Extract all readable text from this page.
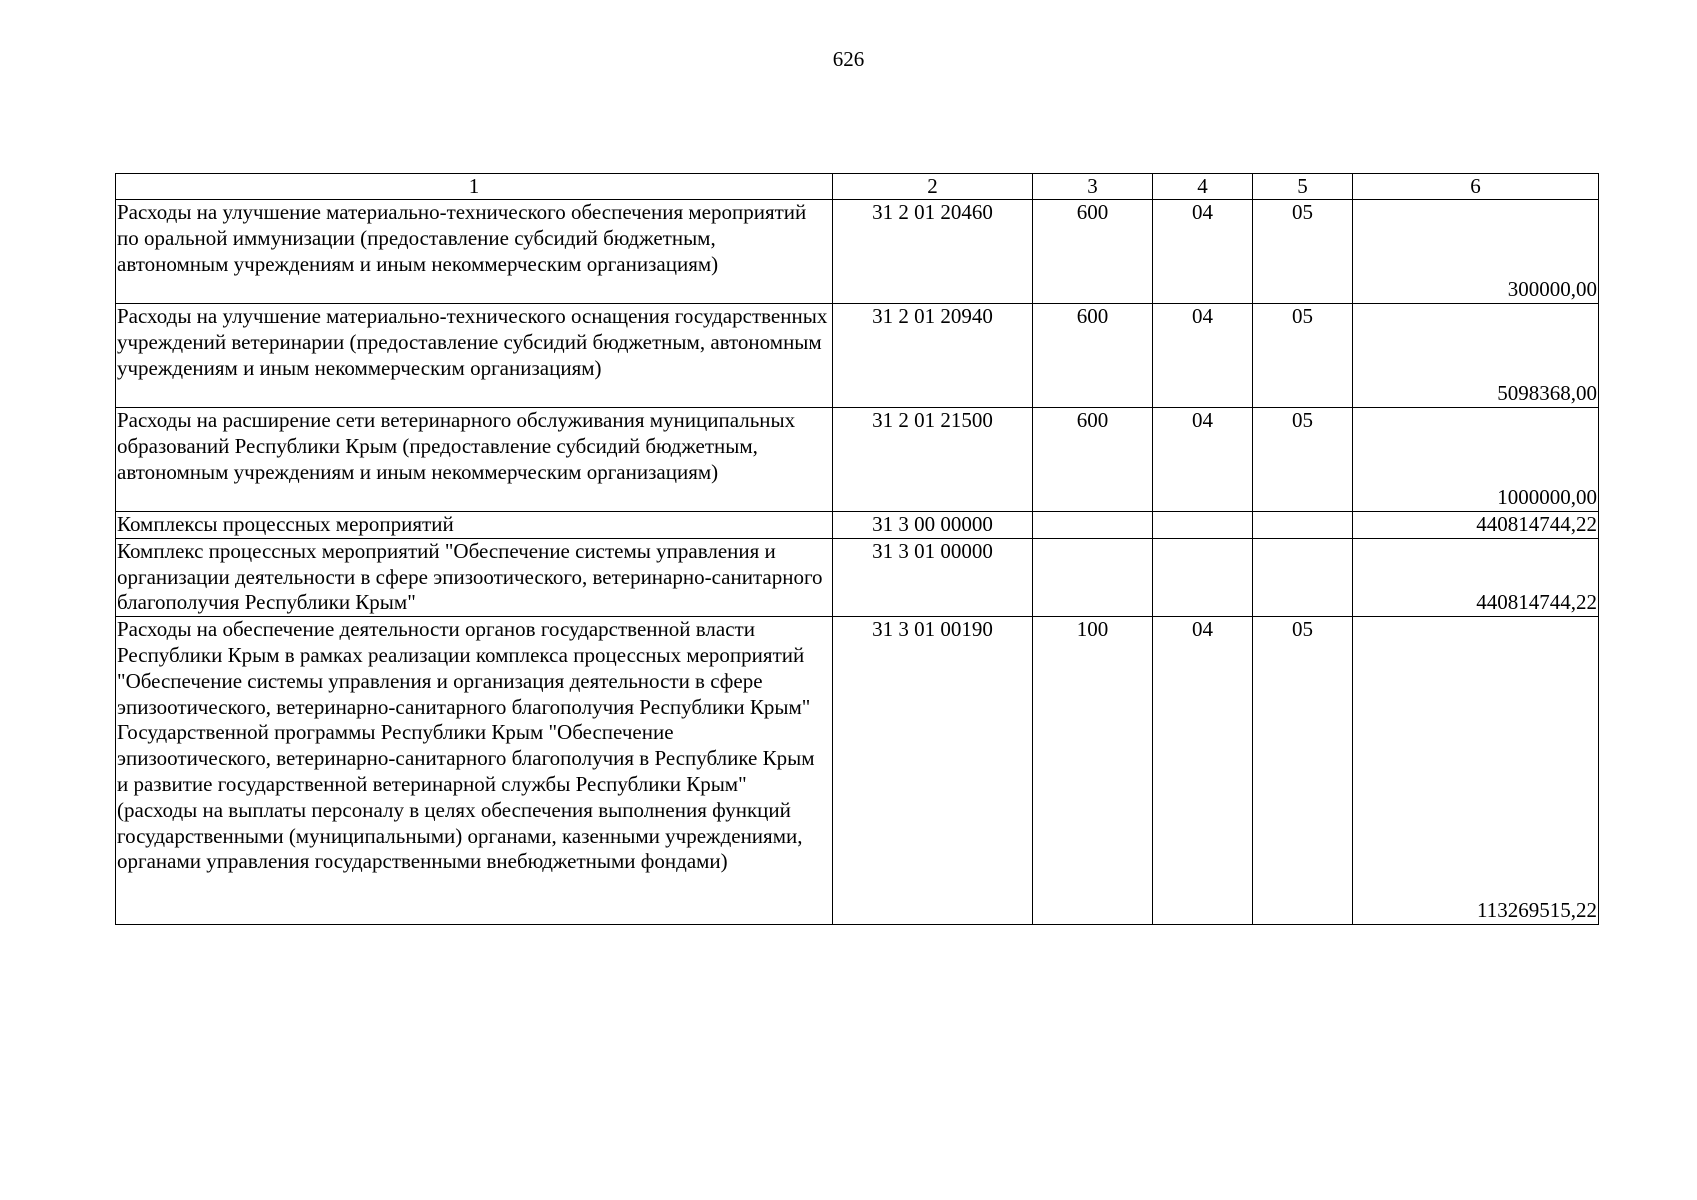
626
1	2	3	4	5	6
Расходы на улучшение материально-технического обеспечения мероприятий по оральной иммунизации (предоставление субсидий бюджетным, автономным учреждениям и иным некоммерческим организациям)	31 2 01 20460	600	04	05	300000,00
Расходы на улучшение материально-технического оснащения государственных учреждений ветеринарии (предоставление субсидий бюджетным, автономным учреждениям и иным некоммерческим организациям)	31 2 01 20940	600	04	05	5098368,00
Расходы на расширение сети ветеринарного обслуживания муниципальных образований Республики Крым (предоставление субсидий бюджетным, автономным учреждениям и иным некоммерческим организациям)	31 2 01 21500	600	04	05	1000000,00
Комплексы процессных мероприятий	31 3 00 00000				440814744,22
Комплекс процессных мероприятий "Обеспечение системы управления и организации деятельности в сфере эпизоотического, ветеринарно-санитарного благополучия Республики Крым"	31 3 01 00000				440814744,22
Расходы на обеспечение деятельности органов государственной власти Республики Крым в рамках реализации комплекса процессных мероприятий "Обеспечение системы управления и организация деятельности в сфере эпизоотического, ветеринарно-санитарного благополучия Республики Крым" Государственной программы Республики Крым "Обеспечение эпизоотического, ветеринарно-санитарного благополучия в Республике Крым и развитие государственной ветеринарной службы Республики Крым" (расходы на выплаты персоналу в целях обеспечения выполнения функций государственными (муниципальными) органами, казенными учреждениями, органами управления государственными внебюджетными фондами)	31 3 01 00190	100	04	05	113269515,22
